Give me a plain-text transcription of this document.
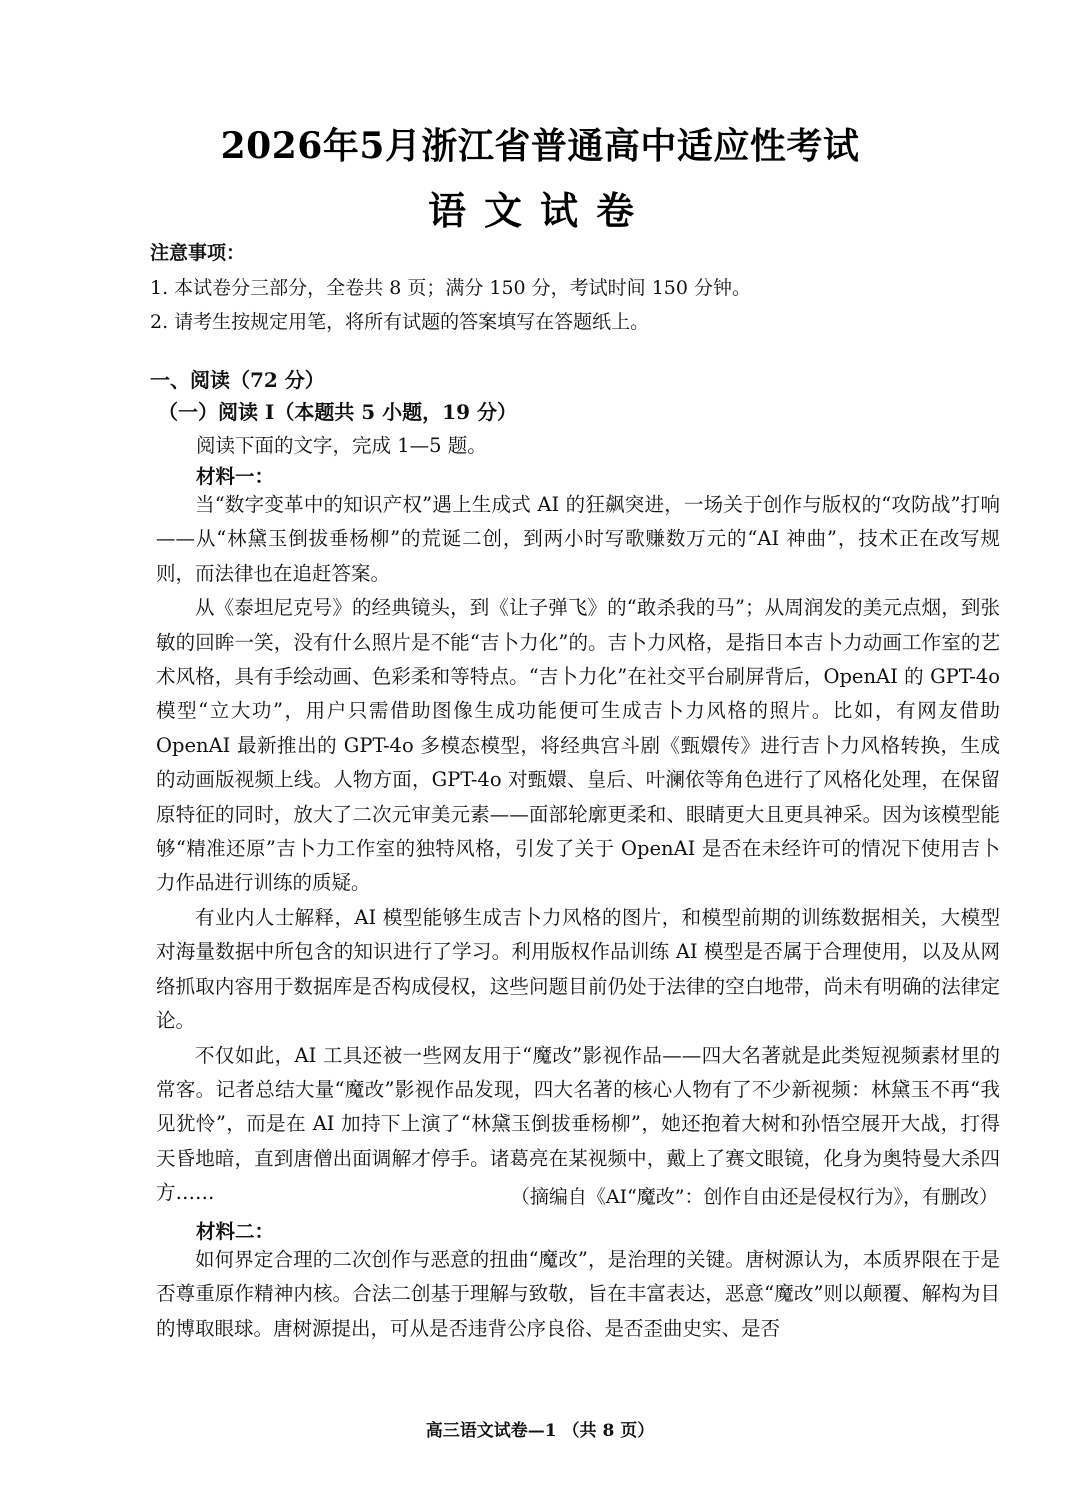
2026年5月浙江省普通高中适应性考试
语文试卷
注意事项：
1. 本试卷分三部分，全卷共 8 页；满分 150 分，考试时间 150 分钟。
2. 请考生按规定用笔，将所有试题的答案填写在答题纸上。
一、阅读（72 分）
（一）阅读 I（本题共 5 小题，19 分）
阅读下面的文字，完成 1—5 题。
材料一：

当“数字变革中的知识产权”遇上生成式 AI 的狂飙突进，一场关于创作与版权的“攻防战”打响——从“林黛玉倒拔垂杨柳”的荒诞二创，到两小时写歌赚数万元的“AI 神曲”，技术正在改写规则，而法律也在追赶答案。

从《泰坦尼克号》的经典镜头，到《让子弹飞》的“敢杀我的马”；从周润发的美元点烟，到张敏的回眸一笑，没有什么照片是不能“吉卜力化”的。吉卜力风格，是指日本吉卜力动画工作室的艺术风格，具有手绘动画、色彩柔和等特点。“吉卜力化”在社交平台刷屏背后，OpenAI 的 GPT-4o 模型“立大功”，用户只需借助图像生成功能便可生成吉卜力风格的照片。比如，有网友借助 OpenAI 最新推出的 GPT-4o 多模态模型，将经典宫斗剧《甄嬛传》进行吉卜力风格转换，生成的动画版视频上线。人物方面，GPT-4o 对甄嬛、皇后、叶澜依等角色进行了风格化处理，在保留原特征的同时，放大了二次元审美元素——面部轮廓更柔和、眼睛更大且更具神采。因为该模型能够“精准还原”吉卜力工作室的独特风格，引发了关于 OpenAI 是否在未经许可的情况下使用吉卜力作品进行训练的质疑。

有业内人士解释，AI 模型能够生成吉卜力风格的图片，和模型前期的训练数据相关，大模型对海量数据中所包含的知识进行了学习。利用版权作品训练 AI 模型是否属于合理使用，以及从网络抓取内容用于数据库是否构成侵权，这些问题目前仍处于法律的空白地带，尚未有明确的法律定论。

不仅如此，AI 工具还被一些网友用于“魔改”影视作品——四大名著就是此类短视频素材里的常客。记者总结大量“魔改”影视作品发现，四大名著的核心人物有了不少新视频：林黛玉不再“我见犹怜”，而是在 AI 加持下上演了“林黛玉倒拔垂杨柳”，她还抱着大树和孙悟空展开大战，打得天昏地暗，直到唐僧出面调解才停手。诸葛亮在某视频中，戴上了赛文眼镜，化身为奥特曼大杀四方……	（摘编自《AI“魔改”：创作自由还是侵权行为》，有删改）
材料二：

如何界定合理的二次创作与恶意的扭曲“魔改”，是治理的关键。唐树源认为，本质界限在于是否尊重原作精神内核。合法二创基于理解与致敬，旨在丰富表达，恶意“魔改”则以颠覆、解构为目的博取眼球。唐树源提出，可从是否违背公序良俗、是否歪曲史实、是否

高三语文试卷—1 （共 8 页）
